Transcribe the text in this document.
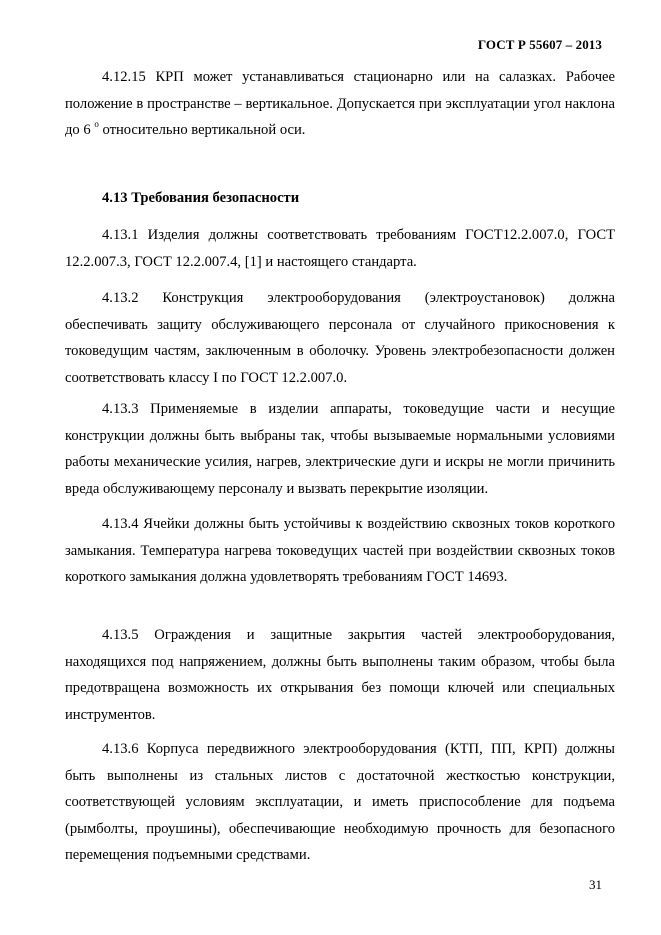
ГОСТ Р 55607 – 2013

4.12.15 КРП может устанавливаться стационарно или на салазках. Рабочее положение в пространстве – вертикальное. Допускается при эксплуатации угол наклона до 6 $^о$ относительно вертикальной оси.

4.13 Требования безопасности

4.13.1 Изделия должны соответствовать требованиям ГОСТ12.2.007.0, ГОСТ 12.2.007.3, ГОСТ 12.2.007.4, [1] и настоящего стандарта.

4.13.2 Конструкция электрооборудования (электроустановок) должна обеспечивать защиту обслуживающего персонала от случайного прикосновения к токоведущим частям, заключенным в оболочку. Уровень электробезопасности должен соответствовать классу I по ГОСТ 12.2.007.0.

4.13.3 Применяемые в изделии аппараты, токоведущие части и несущие конструкции должны быть выбраны так, чтобы вызываемые нормальными условиями работы механические усилия, нагрев, электрические дуги и искры не могли причинить вреда обслуживающему персоналу и вызвать перекрытие изоляции.

4.13.4 Ячейки должны быть устойчивы к воздействию сквозных токов короткого замыкания. Температура нагрева токоведущих частей при воздействии сквозных токов короткого замыкания должна удовлетворять требованиям ГОСТ 14693.

4.13.5 Ограждения и защитные закрытия частей электрооборудования, находящихся под напряжением, должны быть выполнены таким образом, чтобы была предотвращена возможность их открывания без помощи ключей или специальных инструментов.

4.13.6 Корпуса передвижного электрооборудования (КТП, ПП, КРП) должны быть выполнены из стальных листов с достаточной жесткостью конструкции, соответствующей условиям эксплуатации, и иметь приспособление для подъема (рымболты, проушины), обеспечивающие необходимую прочность для безопасного перемещения подъемными средствами.

31
